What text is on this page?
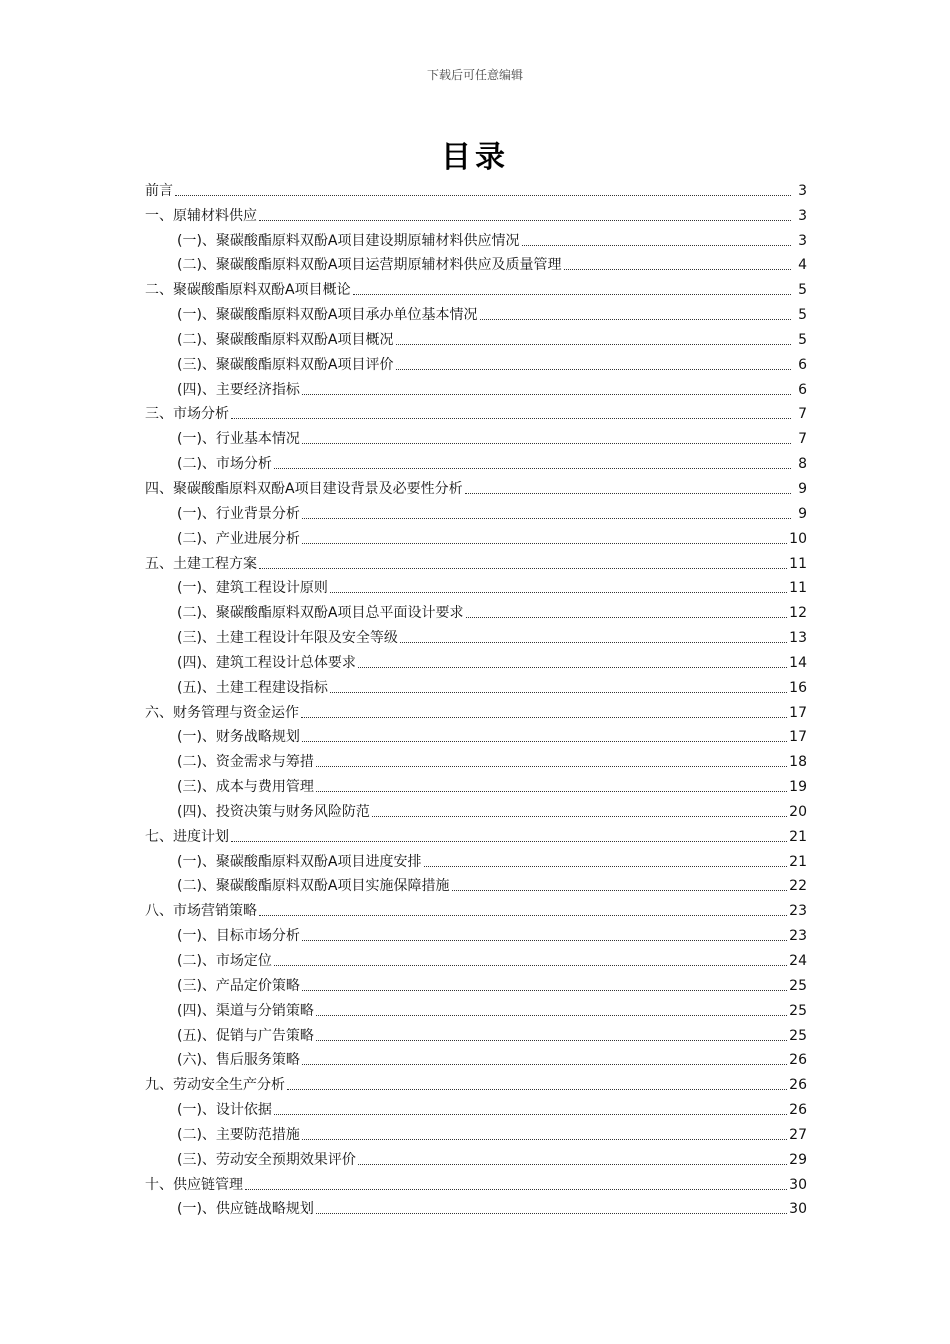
下载后可任意编辑
目录
前言	3
一、原辅材料供应	3
(一)、聚碳酸酯原料双酚A项目建设期原辅材料供应情况	3
(二)、聚碳酸酯原料双酚A项目运营期原辅材料供应及质量管理	4
二、聚碳酸酯原料双酚A项目概论	5
(一)、聚碳酸酯原料双酚A项目承办单位基本情况	5
(二)、聚碳酸酯原料双酚A项目概况	5
(三)、聚碳酸酯原料双酚A项目评价	6
(四)、主要经济指标	6
三、市场分析	7
(一)、行业基本情况	7
(二)、市场分析	8
四、聚碳酸酯原料双酚A项目建设背景及必要性分析	9
(一)、行业背景分析	9
(二)、产业进展分析	10
五、土建工程方案	11
(一)、建筑工程设计原则	11
(二)、聚碳酸酯原料双酚A项目总平面设计要求	12
(三)、土建工程设计年限及安全等级	13
(四)、建筑工程设计总体要求	14
(五)、土建工程建设指标	16
六、财务管理与资金运作	17
(一)、财务战略规划	17
(二)、资金需求与筹措	18
(三)、成本与费用管理	19
(四)、投资决策与财务风险防范	20
七、进度计划	21
(一)、聚碳酸酯原料双酚A项目进度安排	21
(二)、聚碳酸酯原料双酚A项目实施保障措施	22
八、市场营销策略	23
(一)、目标市场分析	23
(二)、市场定位	24
(三)、产品定价策略	25
(四)、渠道与分销策略	25
(五)、促销与广告策略	25
(六)、售后服务策略	26
九、劳动安全生产分析	26
(一)、设计依据	26
(二)、主要防范措施	27
(三)、劳动安全预期效果评价	29
十、供应链管理	30
(一)、供应链战略规划	30
